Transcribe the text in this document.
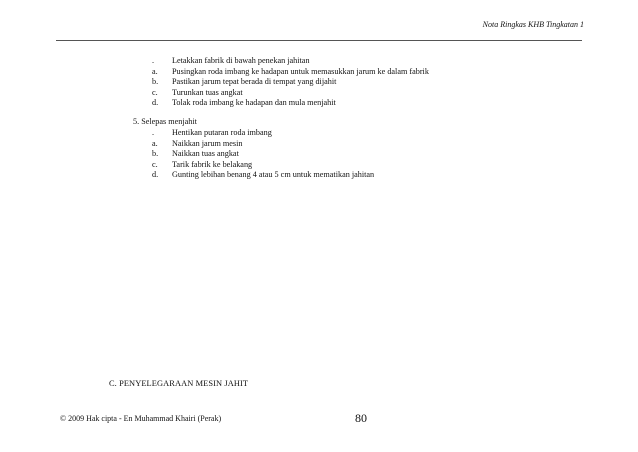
Nota Ringkas KHB Tingkatan 1
. Letakkan fabrik di bawah penekan jahitan
a. Pusingkan roda imbang ke hadapan untuk memasukkan jarum ke dalam fabrik
b. Pastikan jarum tepat berada di tempat yang dijahit
c. Turunkan tuas angkat
d. Tolak roda imbang ke hadapan dan mula menjahit
5. Selepas menjahit
. Hentikan putaran roda imbang
a. Naikkan jarum mesin
b. Naikkan tuas angkat
c. Tarik fabrik ke belakang
d. Gunting lebihan benang 4 atau 5 cm untuk mematikan jahitan
C. PENYELEGARAAN MESIN JAHIT
© 2009 Hak cipta - En Muhammad Khairi (Perak)	80
